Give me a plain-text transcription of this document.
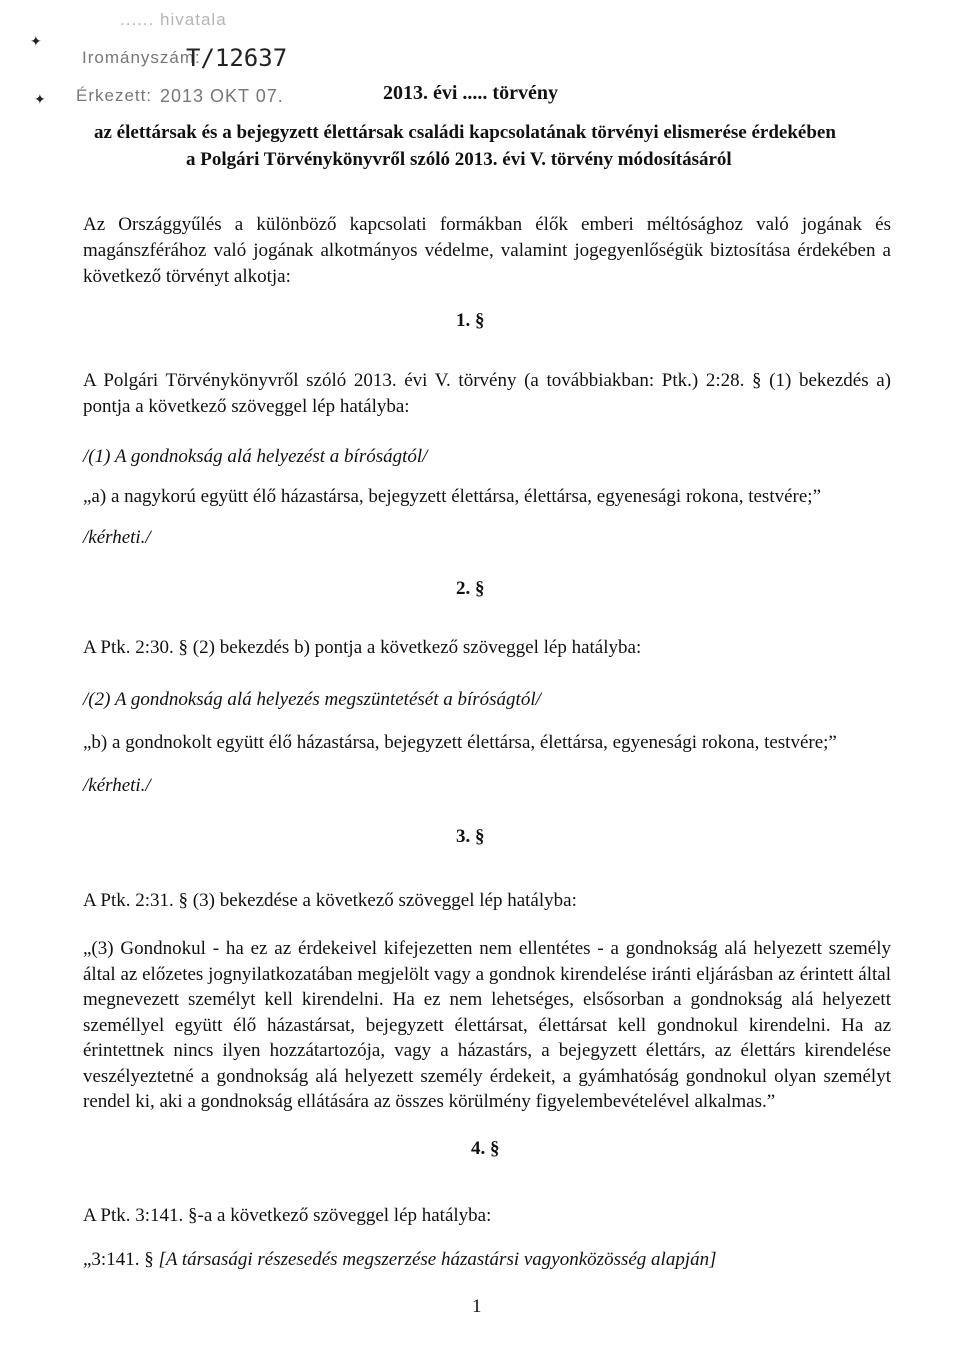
✦
✦
...... hivatala
Irományszám:
T/12637
Érkezett: 2013 OKT 07.	2013. évi ..... törvény
az élettársak és a bejegyzett élettársak családi kapcsolatának törvényi elismerése érdekében
a Polgári Törvénykönyvről szóló 2013. évi V. törvény módosításáról
Az Országgyűlés a különböző kapcsolati formákban élők emberi méltósághoz való jogának és magánszférához való jogának alkotmányos védelme, valamint jogegyenlőségük biztosítása érdekében a következő törvényt alkotja:
1. §
A Polgári Törvénykönyvről szóló 2013. évi V. törvény (a továbbiakban: Ptk.) 2:28. § (1) bekezdés a) pontja a következő szöveggel lép hatályba:
/(1) A gondnokság alá helyezést a bíróságtól/
„a) a nagykorú együtt élő házastársa, bejegyzett élettársa, élettársa, egyenesági rokona, testvére;”
/kérheti./
2. §
A Ptk. 2:30. § (2) bekezdés b) pontja a következő szöveggel lép hatályba:
/(2) A gondnokság alá helyezés megszüntetését a bíróságtól/
„b) a gondnokolt együtt élő házastársa, bejegyzett élettársa, élettársa, egyenesági rokona, testvére;”
/kérheti./
3. §
A Ptk. 2:31. § (3) bekezdése a következő szöveggel lép hatályba:
„(3) Gondnokul - ha ez az érdekeivel kifejezetten nem ellentétes - a gondnokság alá helyezett személy által az előzetes jognyilatkozatában megjelölt vagy a gondnok kirendelése iránti eljárásban az érintett által megnevezett személyt kell kirendelni. Ha ez nem lehetséges, elsősorban a gondnokság alá helyezett személlyel együtt élő házastársat, bejegyzett élettársat, élettársat kell gondnokul kirendelni. Ha az érintettnek nincs ilyen hozzátartozója, vagy a házastárs, a bejegyzett élettárs, az élettárs kirendelése veszélyeztetné a gondnokság alá helyezett személy érdekeit, a gyámhatóság gondnokul olyan személyt rendel ki, aki a gondnokság ellátására az összes körülmény figyelembevételével alkalmas.”
4. §
A Ptk. 3:141. §-a a következő szöveggel lép hatályba:
„3:141. § [A társasági részesedés megszerzése házastársi vagyonközösség alapján]
1
